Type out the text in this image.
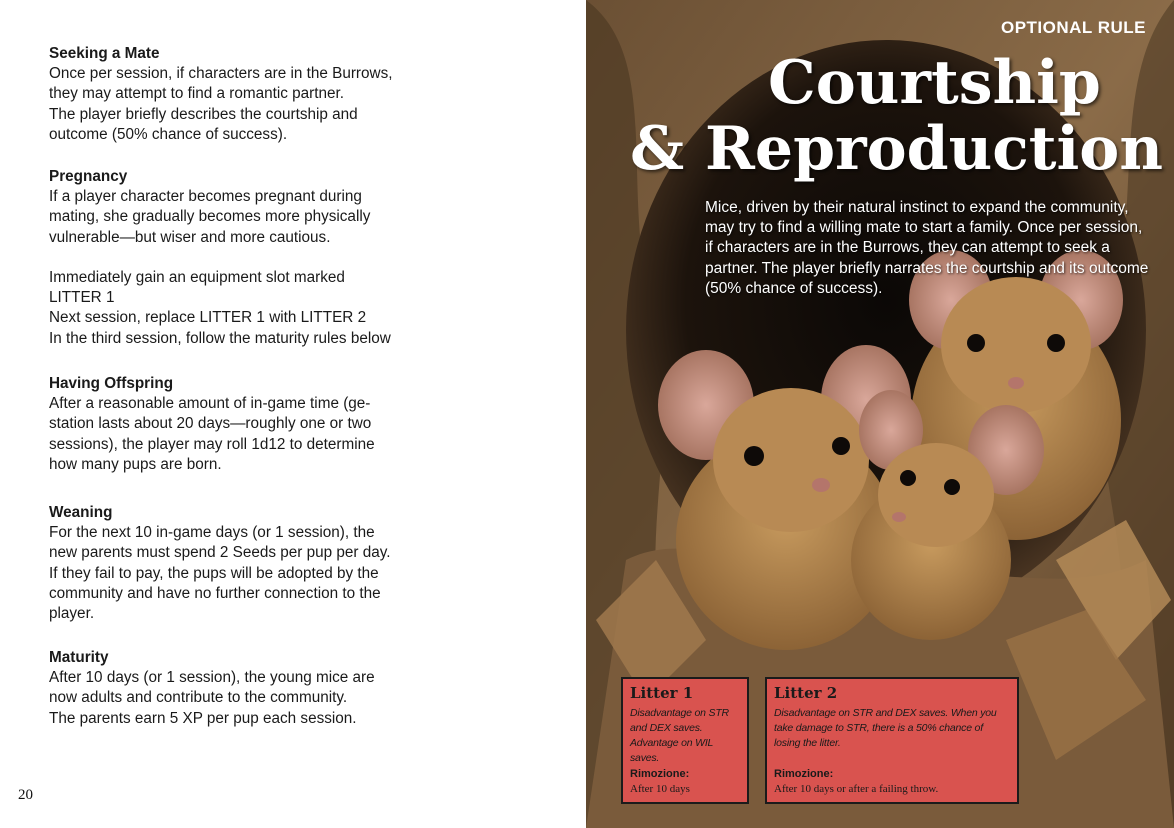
Seeking a Mate

Once per session, if characters are in the Burrows,
they may attempt to find a romantic partner.
The player briefly describes the courtship and
outcome (50% chance of success).

Pregnancy

If a player character becomes pregnant during
mating, she gradually becomes more physically
vulnerable—but wiser and more cautious.

Immediately gain an equipment slot marked
LITTER 1
Next session, replace LITTER 1 with LITTER 2
In the third session, follow the maturity rules below

Having Offspring

After a reasonable amount of in-game time (ge-
station lasts about 20 days—roughly one or two
sessions), the player may roll 1d12 to determine
how many pups are born.

Weaning

For the next 10 in-game days (or 1 session), the
new parents must spend 2 Seeds per pup per day.
If they fail to pay, the pups will be adopted by the
community and have no further connection to the
player.

Maturity

After 10 days (or 1 session), the young mice are
now adults and contribute to the community.
The parents earn 5 XP per pup each session.

20
OPTIONAL RULE
Courtship
& Reproduction
Mice, driven by their natural instinct to expand the community, may try to find a willing mate to start a family. Once per session, if characters are in the Burrows, they can attempt to seek a partner. The player briefly narrates the courtship and its outcome (50% chance of success).
Litter 1

Disadvantage on STR and DEX saves. Advantage on WIL saves.

Rimozione:
After 10 days
Litter 2

Disadvantage on STR and DEX saves. When you take damage to STR, there is a 50% chance of losing the litter.

Rimozione:
After 10 days or after a failing throw.
